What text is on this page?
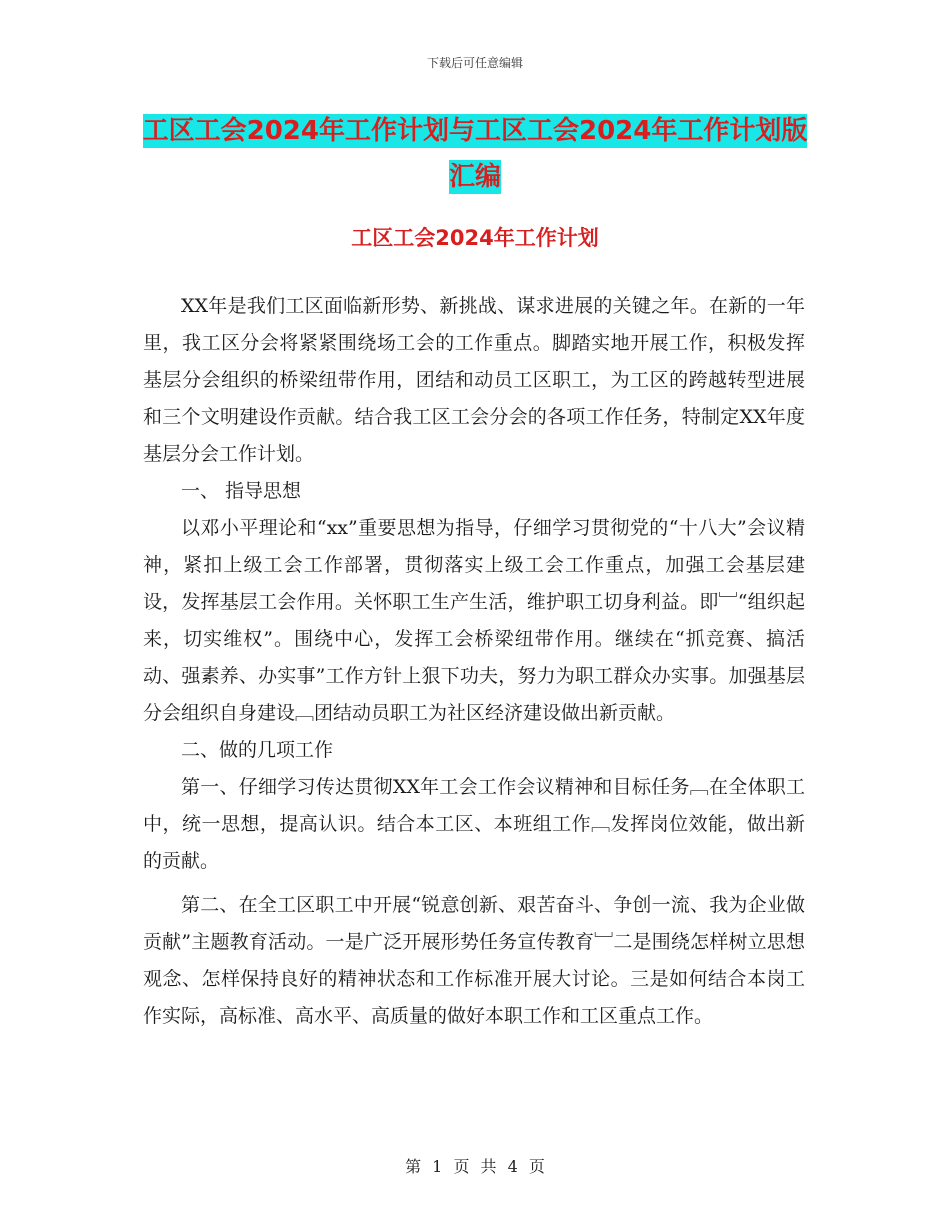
下载后可任意编辑
工区工会2024年工作计划与工区工会2024年工作计划版汇编
工区工会2024年工作计划

XX年是我们工区面临新形势、新挑战、谋求进展的关键之年。在新的一年里，我工区分会将紧紧围绕场工会的工作重点。脚踏实地开展工作，积极发挥基层分会组织的桥梁纽带作用，团结和动员工区职工，为工区的跨越转型进展和三个文明建设作贡献。结合我工区工会分会的各项工作任务，特制定XX年度基层分会工作计划。

一、 指导思想

以邓小平理论和“xx”重要思想为指导，仔细学习贯彻党的“十八大”会议精神，紧扣上级工会工作部署，贯彻落实上级工会工作重点，加强工会基层建设，发挥基层工会作用。关怀职工生产生活，维护职工切身利益。即﹈“组织起来，切实维权”。围绕中心，发挥工会桥梁纽带作用。继续在“抓竞赛、搞活动、强素养、办实事”工作方针上狠下功夫，努力为职工群众办实事。加强基层分会组织自身建设﹇团结动员职工为社区经济建设做出新贡献。

二、做的几项工作

第一、仔细学习传达贯彻XX年工会工作会议精神和目标任务﹇在全体职工中，统一思想，提高认识。结合本工区、本班组工作﹇发挥岗位效能，做出新的贡献。

第二、在全工区职工中开展“锐意创新、艰苦奋斗、争创一流、我为企业做贡献”主题教育活动。一是广泛开展形势任务宣传教育﹈二是围绕怎样树立思想观念、怎样保持良好的精神状态和工作标准开展大讨论。三是如何结合本岗工作实际，高标准、高水平、高质量的做好本职工作和工区重点工作。

第 1 页 共 4 页
